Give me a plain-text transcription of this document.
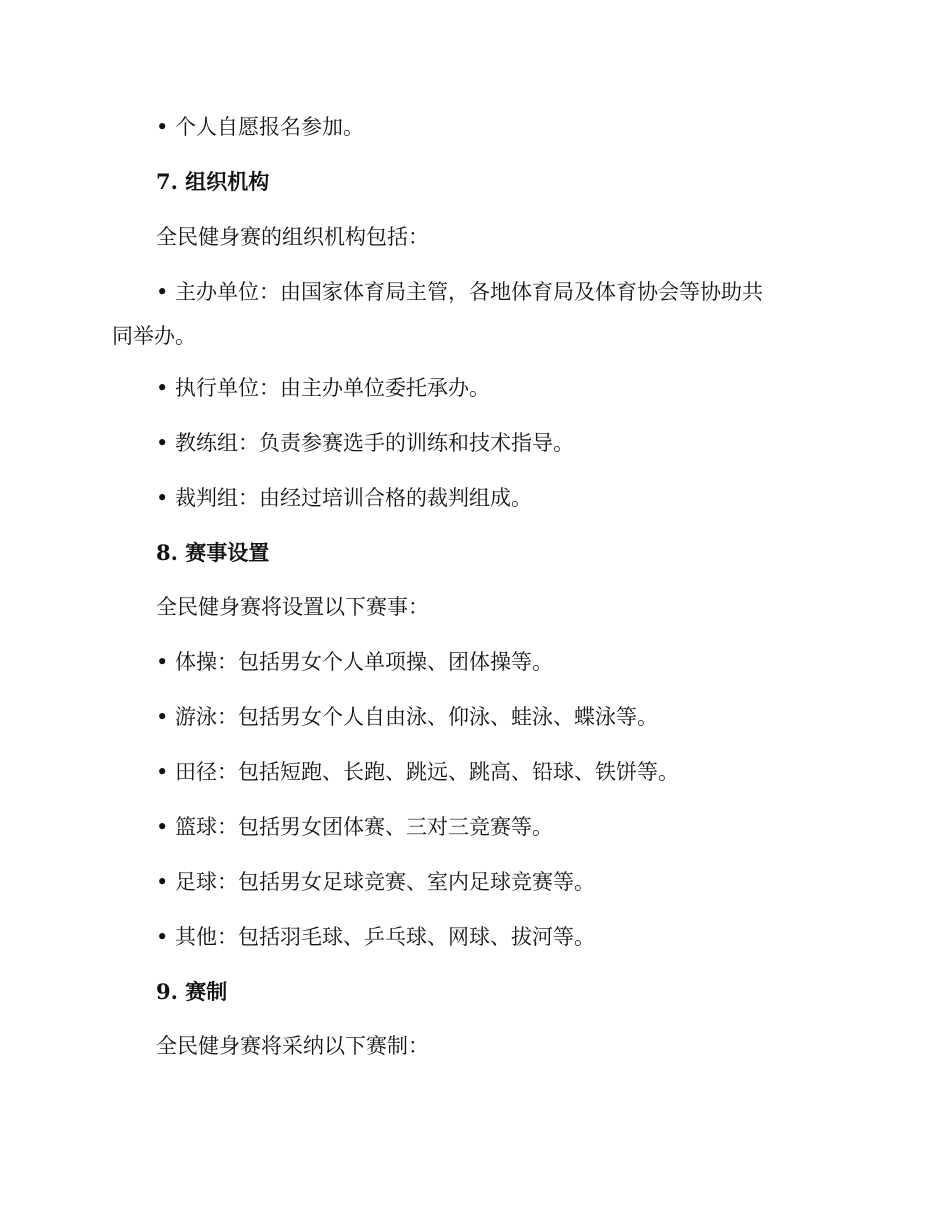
• 个人自愿报名参加。
7. 组织机构
全民健身赛的组织机构包括：
• 主办单位：由国家体育局主管，各地体育局及体育协会等协助共同举办。
• 执行单位：由主办单位委托承办。
• 教练组：负责参赛选手的训练和技术指导。
• 裁判组：由经过培训合格的裁判组成。
8. 赛事设置
全民健身赛将设置以下赛事：
• 体操：包括男女个人单项操、团体操等。
• 游泳：包括男女个人自由泳、仰泳、蛙泳、蝶泳等。
• 田径：包括短跑、长跑、跳远、跳高、铅球、铁饼等。
• 篮球：包括男女团体赛、三对三竞赛等。
• 足球：包括男女足球竞赛、室内足球竞赛等。
• 其他：包括羽毛球、乒乓球、网球、拔河等。
9. 赛制
全民健身赛将采纳以下赛制：
